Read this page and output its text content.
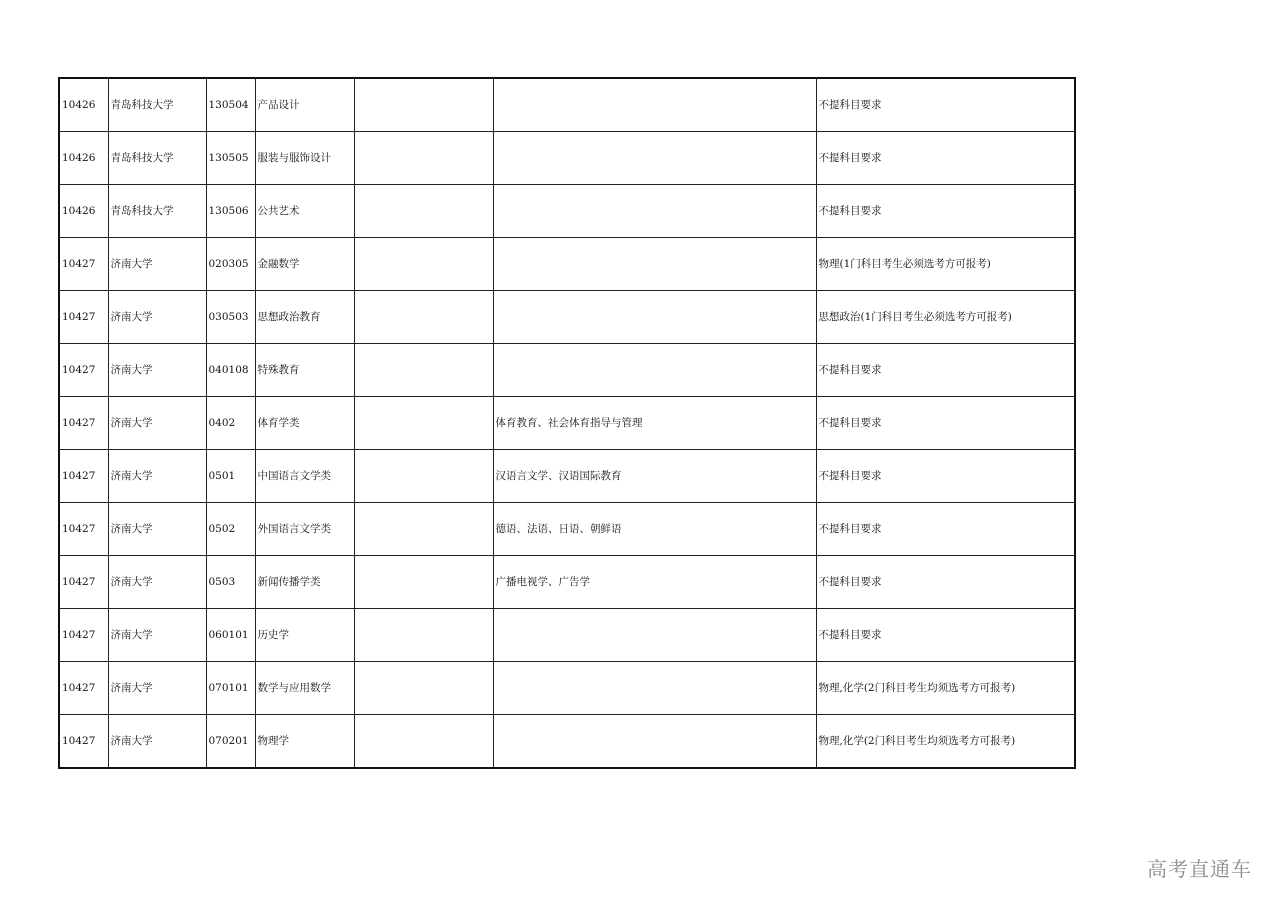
10426	青岛科技大学	130504	产品设计			不提科目要求
10426	青岛科技大学	130505	服装与服饰设计			不提科目要求
10426	青岛科技大学	130506	公共艺术			不提科目要求
10427	济南大学	020305	金融数学			物理(1门科目考生必须选考方可报考)
10427	济南大学	030503	思想政治教育			思想政治(1门科目考生必须选考方可报考)
10427	济南大学	040108	特殊教育			不提科目要求
10427	济南大学	0402	体育学类		体育教育、社会体育指导与管理	不提科目要求
10427	济南大学	0501	中国语言文学类		汉语言文学、汉语国际教育	不提科目要求
10427	济南大学	0502	外国语言文学类		德语、法语、日语、朝鲜语	不提科目要求
10427	济南大学	0503	新闻传播学类		广播电视学、广告学	不提科目要求
10427	济南大学	060101	历史学			不提科目要求
10427	济南大学	070101	数学与应用数学			物理,化学(2门科目考生均须选考方可报考)
10427	济南大学	070201	物理学			物理,化学(2门科目考生均须选考方可报考)
高考直通车
